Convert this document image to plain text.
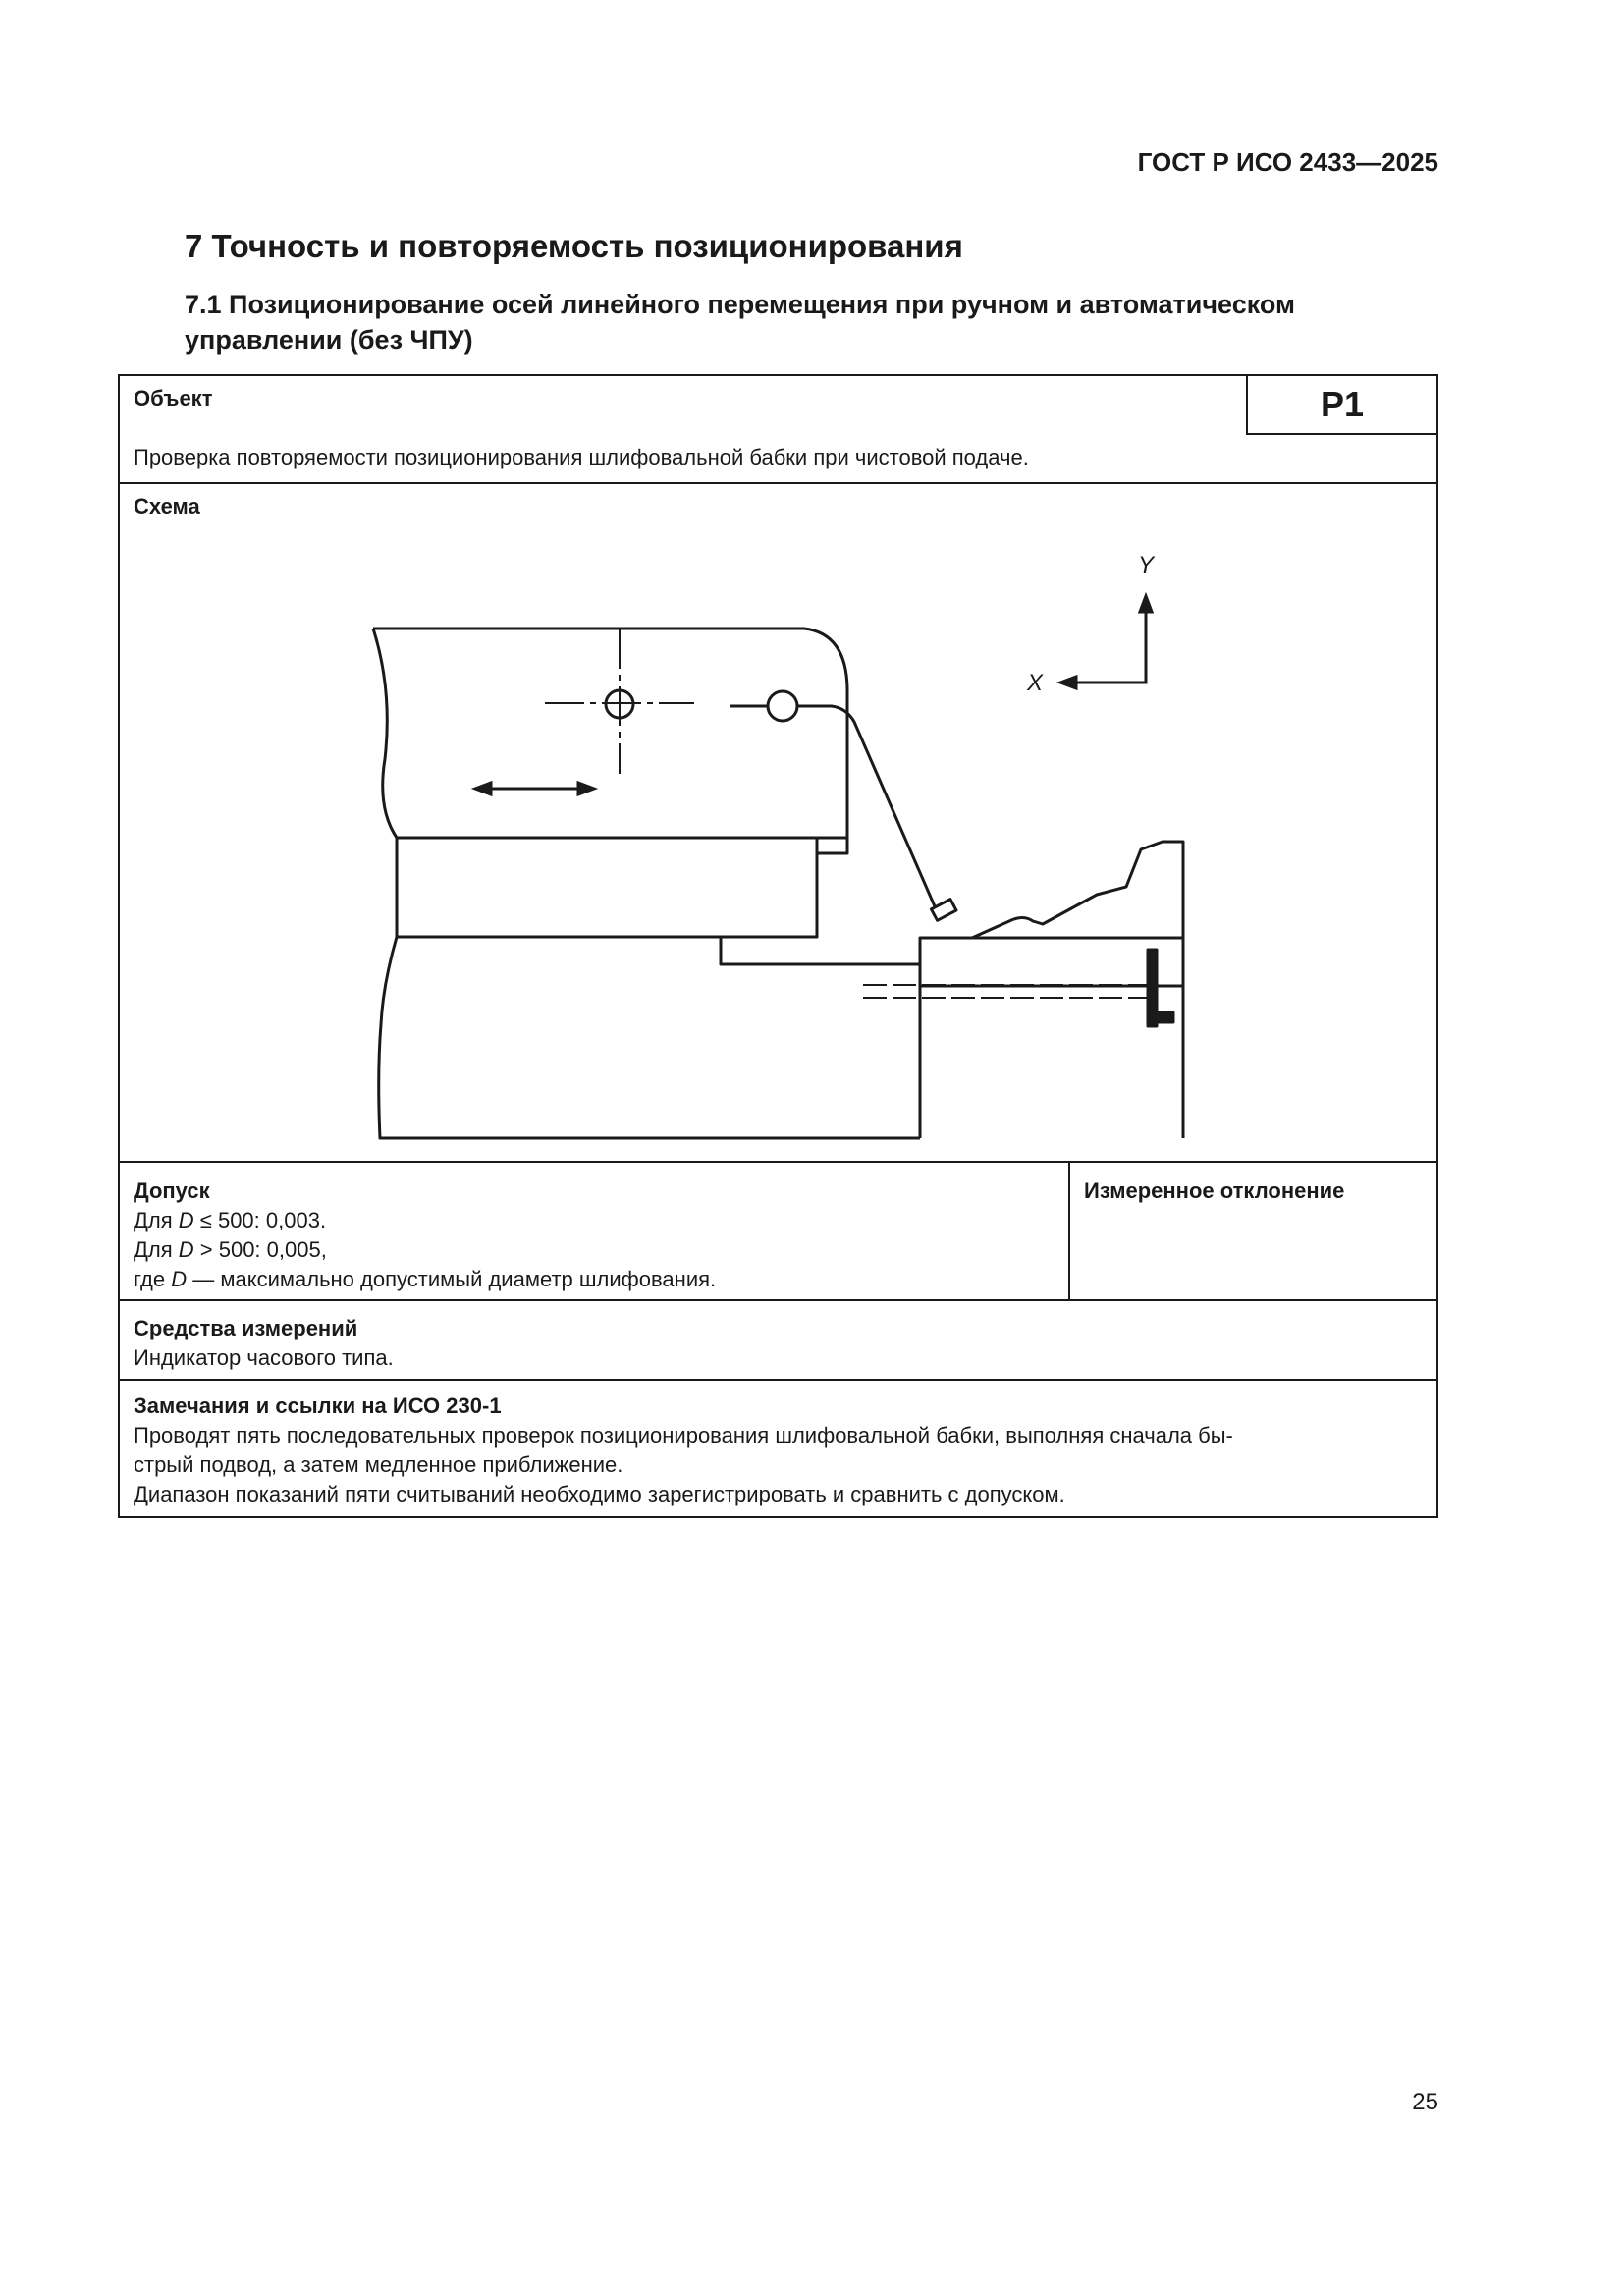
ГОСТ Р ИСО 2433—2025
7 Точность и повторяемость позиционирования
7.1 Позиционирование осей линейного перемещения при ручном и автоматическом управлении (без ЧПУ)
Объект	P1
Проверка повторяемости позиционирования шлифовальной бабки при чистовой подаче.
Схема
Y
X
Допуск
Для D ≤ 500: 0,003.
Для D > 500: 0,005,
где D — максимально допустимый диаметр шлифования.
Измеренное отклонение
Средства измерений
Индикатор часового типа.
Замечания и ссылки на ИСО 230-1
Проводят пять последовательных проверок позиционирования шлифовальной бабки, выполняя сначала бы-
стрый подвод, а затем медленное приближение.
Диапазон показаний пяти считываний необходимо зарегистрировать и сравнить с допуском.
25
